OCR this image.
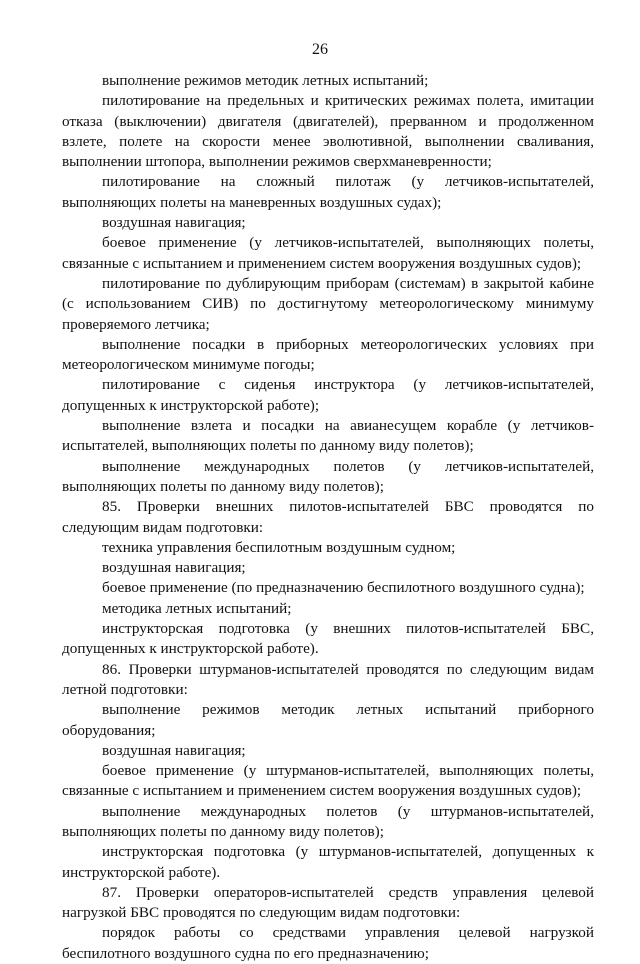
26

выполнение режимов методик летных испытаний;

пилотирование на предельных и критических режимах полета, имитации отказа (выключении) двигателя (двигателей), прерванном и продолженном взлете, полете на скорости менее эволютивной, выполнении сваливания, выполнении штопора, выполнении режимов сверхманевренности;

пилотирование на сложный пилотаж (у летчиков-испытателей, выполняющих полеты на маневренных воздушных судах);

воздушная навигация;

боевое применение (у летчиков-испытателей, выполняющих полеты, связанные с испытанием и применением систем вооружения воздушных судов);

пилотирование по дублирующим приборам (системам) в закрытой кабине (с использованием СИВ) по достигнутому метеорологическому минимуму проверяемого летчика;

выполнение посадки в приборных метеорологических условиях при метеорологическом минимуме погоды;

пилотирование с сиденья инструктора (у летчиков-испытателей, допущенных к инструкторской работе);

выполнение взлета и посадки на авианесущем корабле (у летчиков-испытателей, выполняющих полеты по данному виду полетов);

выполнение международных полетов (у летчиков-испытателей, выполняющих полеты по данному виду полетов);

85. Проверки внешних пилотов-испытателей БВС проводятся по следующим видам подготовки:

техника управления беспилотным воздушным судном;

воздушная навигация;

боевое применение (по предназначению беспилотного воздушного судна);

методика летных испытаний;

инструкторская подготовка (у внешних пилотов-испытателей БВС, допущенных к инструкторской работе).

86. Проверки штурманов-испытателей проводятся по следующим видам летной подготовки:

выполнение режимов методик летных испытаний приборного оборудования;

воздушная навигация;

боевое применение (у штурманов-испытателей, выполняющих полеты, связанные с испытанием и применением систем вооружения воздушных судов);

выполнение международных полетов (у штурманов-испытателей, выполняющих полеты по данному виду полетов);

инструкторская подготовка (у штурманов-испытателей, допущенных к инструкторской работе).

87. Проверки операторов-испытателей средств управления целевой нагрузкой БВС проводятся по следующим видам подготовки:

порядок работы со средствами управления целевой нагрузкой беспилотного воздушного судна по его предназначению;
